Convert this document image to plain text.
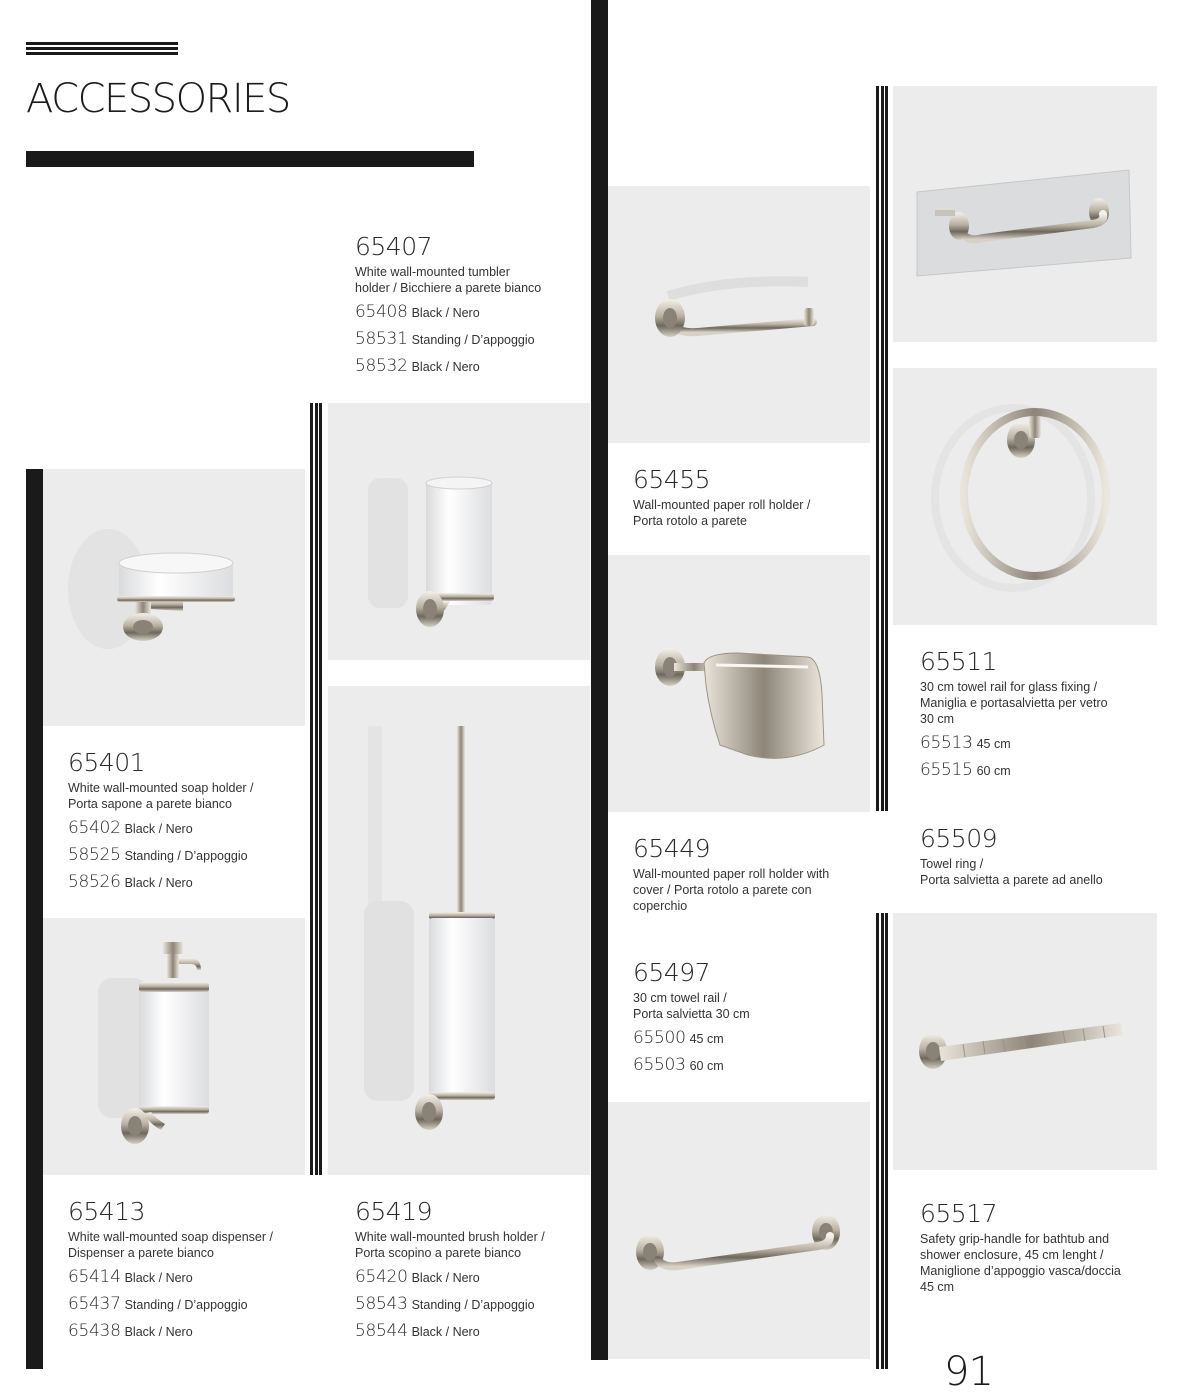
ACCESSORIES
65407
White wall-mounted tumbler
holder / Bicchiere a parete bianco
65408 Black / Nero
58531 Standing / D’appoggio
58532 Black / Nero
65401
White wall-mounted soap holder /
Porta sapone a parete bianco
65402 Black / Nero
58525 Standing / D’appoggio
58526 Black / Nero
65413
White wall-mounted soap dispenser /
Dispenser a parete bianco
65414 Black / Nero
65437 Standing / D’appoggio
65438 Black / Nero
65419
White wall-mounted brush holder /
Porta scopino a parete bianco
65420 Black / Nero
58543 Standing / D’appoggio
58544 Black / Nero
65455
Wall-mounted paper roll holder /
Porta rotolo a parete
65449
Wall-mounted paper roll holder with
cover / Porta rotolo a parete con
coperchio
65497
30 cm towel rail /
Porta salvietta 30 cm
65500 45 cm
65503 60 cm
65511
30 cm towel rail for glass fixing /
Maniglia e portasalvietta per vetro
30 cm
65513 45 cm
65515 60 cm
65509
Towel ring /
Porta salvietta a parete ad anello
65517
Safety grip-handle for bathtub and
shower enclosure, 45 cm lenght /
Maniglione d’appoggio vasca/doccia
45 cm
91
